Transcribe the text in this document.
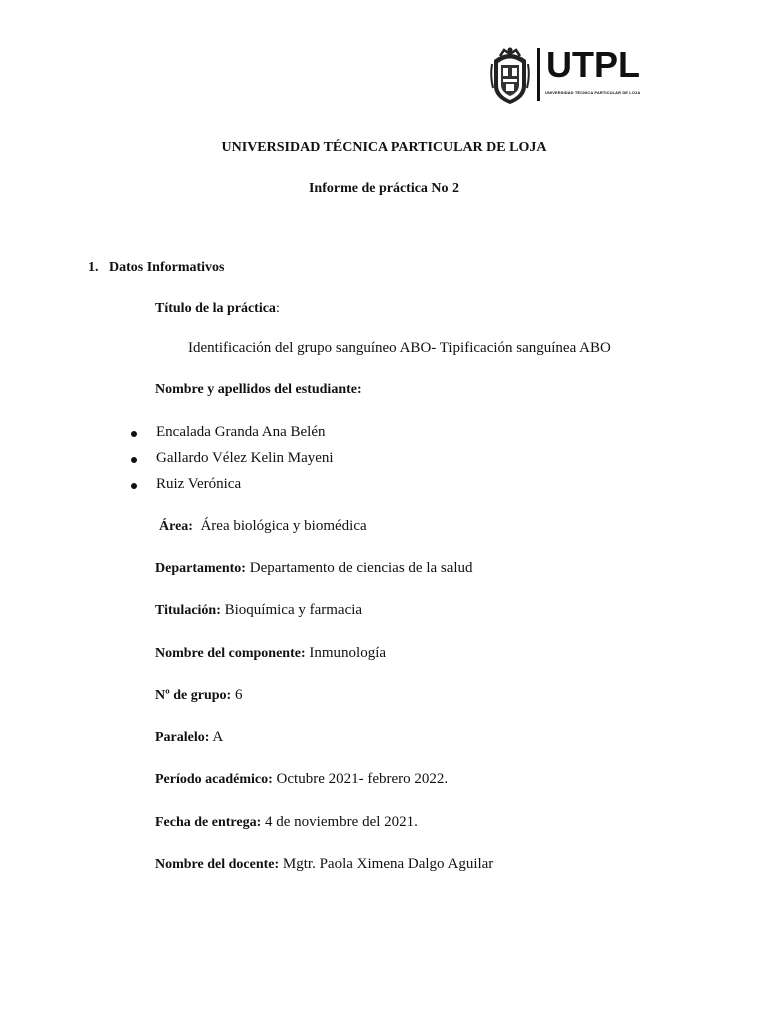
UTPL
UNIVERSIDAD TÉCNICA PARTICULAR DE LOJA
UNIVERSIDAD TÉCNICA PARTICULAR DE LOJA
Informe de práctica No 2
1. Datos Informativos
Título de la práctica:
Identificación del grupo sanguíneo ABO- Tipificación sanguínea ABO
Nombre y apellidos del estudiante:
Encalada Granda Ana Belén
Gallardo Vélez Kelin Mayeni
Ruiz Verónica
Área: Área biológica y biomédica
Departamento: Departamento de ciencias de la salud
Titulación: Bioquímica y farmacia
Nombre del componente: Inmunología
Nº de grupo: 6
Paralelo: A
Período académico: Octubre 2021- febrero 2022.
Fecha de entrega: 4 de noviembre del 2021.
Nombre del docente: Mgtr. Paola Ximena Dalgo Aguilar
